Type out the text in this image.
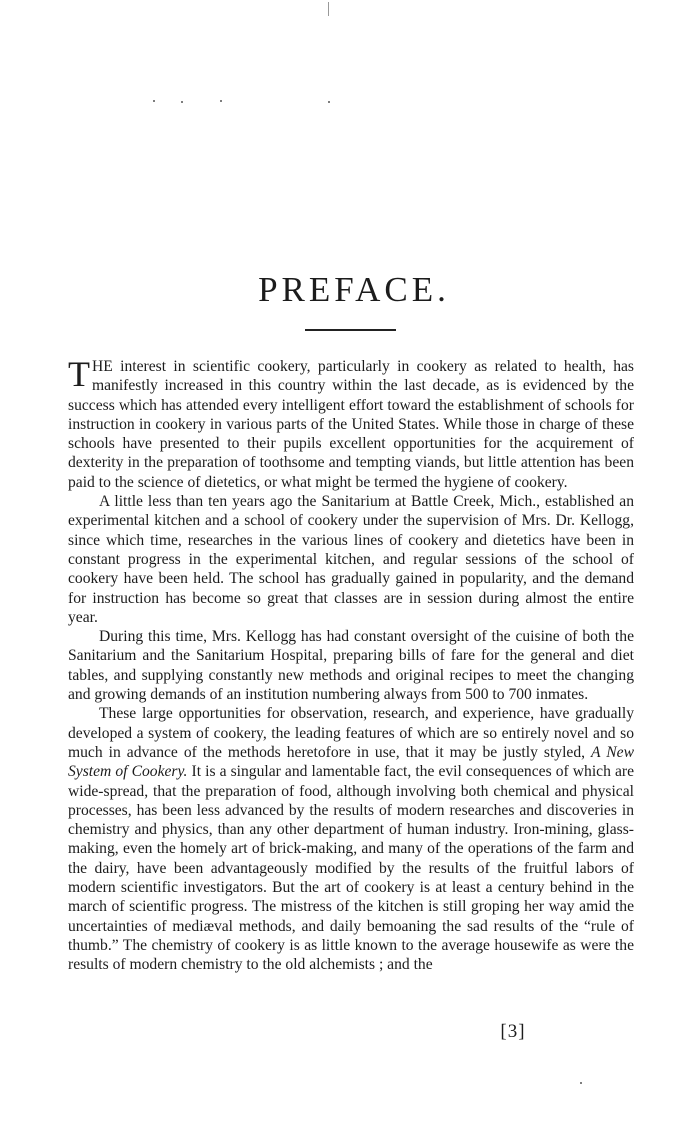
PREFACE.

THE interest in scientific cookery, particularly in cookery as related to health, has manifestly increased in this country within the last decade, as is evidenced by the success which has attended every intelligent effort toward the establishment of schools for instruction in cookery in various parts of the United States. While those in charge of these schools have presented to their pupils excellent opportunities for the acquirement of dexterity in the preparation of toothsome and tempting viands, but little attention has been paid to the science of dietetics, or what might be termed the hygiene of cookery.

A little less than ten years ago the Sanitarium at Battle Creek, Mich., established an experimental kitchen and a school of cookery under the supervision of Mrs. Dr. Kellogg, since which time, researches in the various lines of cookery and dietetics have been in constant progress in the experimental kitchen, and regular sessions of the school of cookery have been held. The school has gradually gained in popularity, and the demand for instruction has become so great that classes are in session during almost the entire year.

During this time, Mrs. Kellogg has had constant oversight of the cuisine of both the Sanitarium and the Sanitarium Hospital, preparing bills of fare for the general and diet tables, and supplying constantly new methods and original recipes to meet the changing and growing demands of an institution numbering always from 500 to 700 inmates.

These large opportunities for observation, research, and experience, have gradually developed a system of cookery, the leading features of which are so entirely novel and so much in advance of the methods heretofore in use, that it may be justly styled, A New System of Cookery. It is a singular and lamentable fact, the evil consequences of which are wide-spread, that the preparation of food, although involving both chemical and physical processes, has been less advanced by the results of modern researches and discoveries in chemistry and physics, than any other department of human industry. Iron-mining, glass-making, even the homely art of brick-making, and many of the operations of the farm and the dairy, have been advantageously modified by the results of the fruitful labors of modern scientific investigators. But the art of cookery is at least a century behind in the march of scientific progress. The mistress of the kitchen is still groping her way amid the uncertainties of mediæval methods, and daily bemoaning the sad results of the “rule of thumb.” The chemistry of cookery is as little known to the average housewife as were the results of modern chemistry to the old alchemists ; and the

[3]
